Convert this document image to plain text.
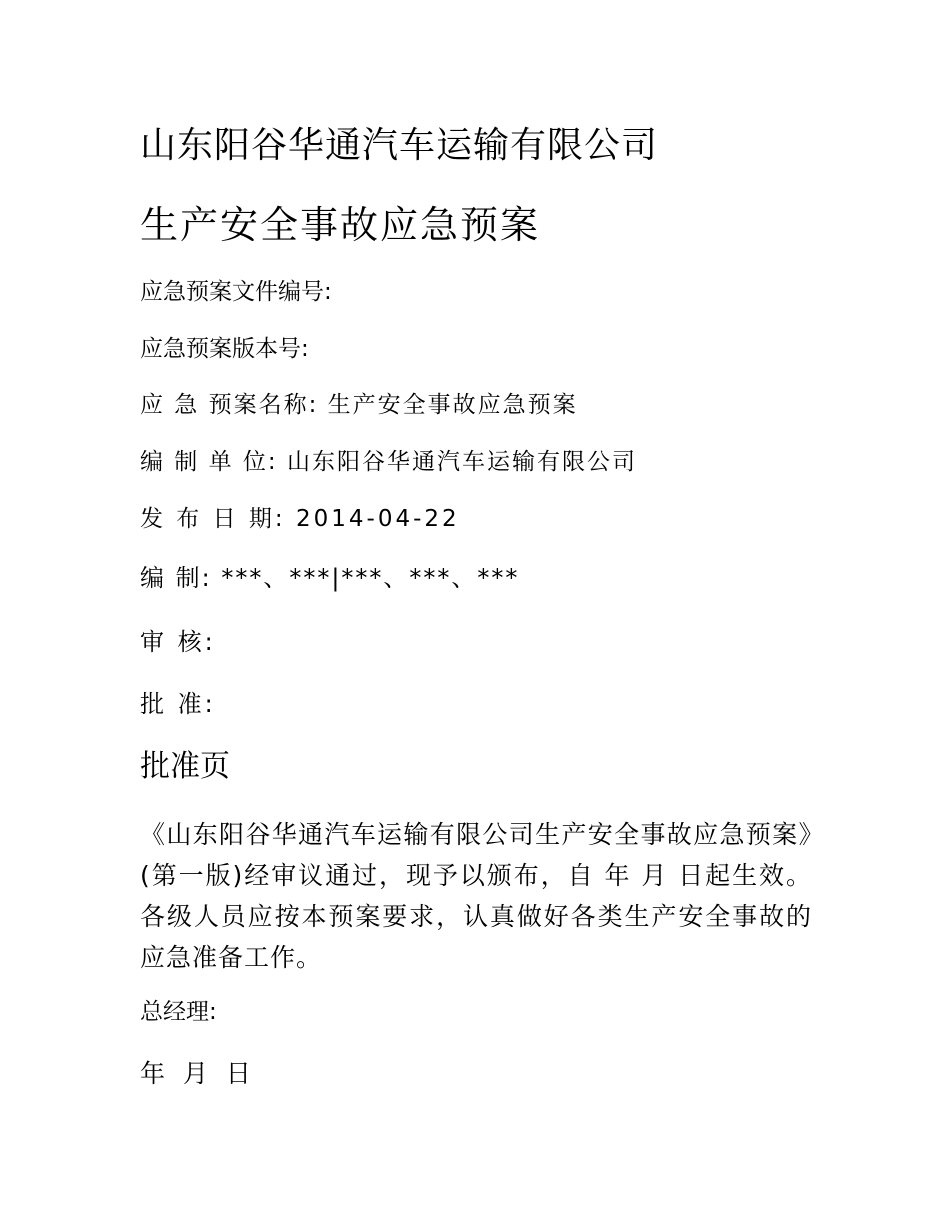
山东阳谷华通汽车运输有限公司
生产安全事故应急预案
应急预案文件编号:
应急预案版本号:
应 急 预案名称: 生产安全事故应急预案
编 制 单 位: 山东阳谷华通汽车运输有限公司
发 布 日 期: 2014-04-22
编 制: ***、***|***、***、***
审 核:
批 准:
批准页
《山东阳谷华通汽车运输有限公司生产安全事故应急预案》(第一版)经审议通过，现予以颁布，自 年 月 日起生效。各级人员应按本预案要求，认真做好各类生产安全事故的应急准备工作。
总经理:
年 月 日
